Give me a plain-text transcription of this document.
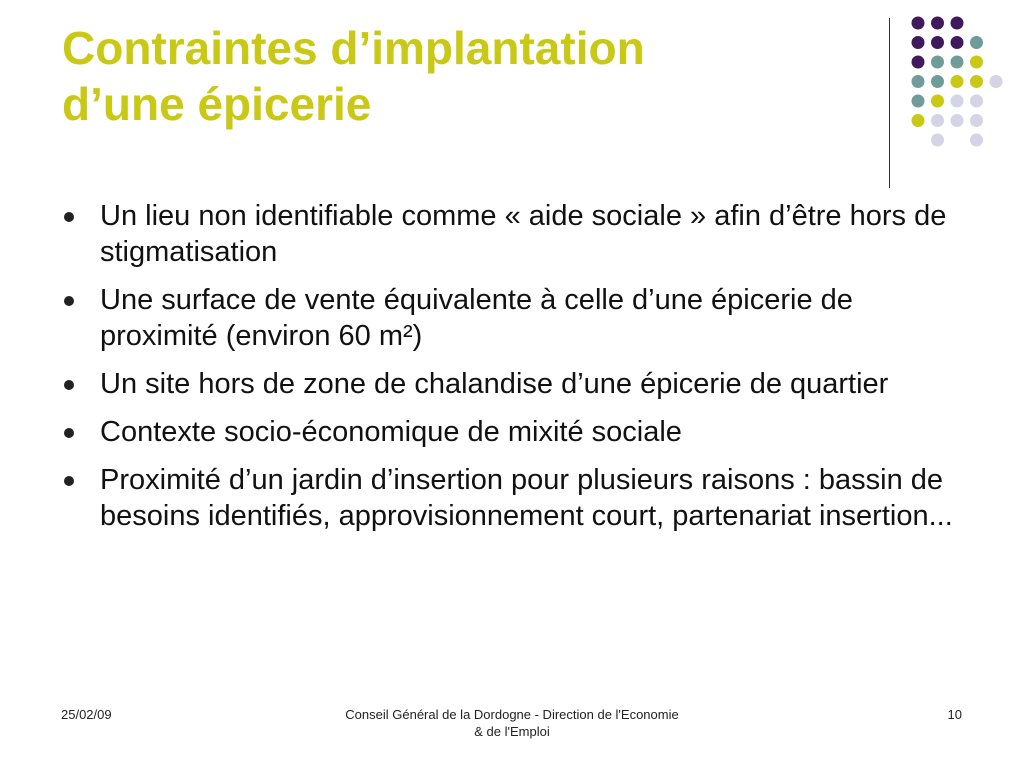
Contraintes d’implantation
d’une épicerie
Un lieu non identifiable comme « aide sociale » afin d’être hors de stigmatisation
Une surface de vente équivalente à celle d’une épicerie de proximité (environ 60 m²)
Un site hors de zone de chalandise d’une épicerie de quartier
Contexte socio-économique de mixité sociale
Proximité d’un jardin d’insertion pour plusieurs raisons : bassin de besoins identifiés, approvisionnement court, partenariat insertion...
25/02/09	Conseil Général de la Dordogne - Direction de l'Economie & de l'Emploi
10
